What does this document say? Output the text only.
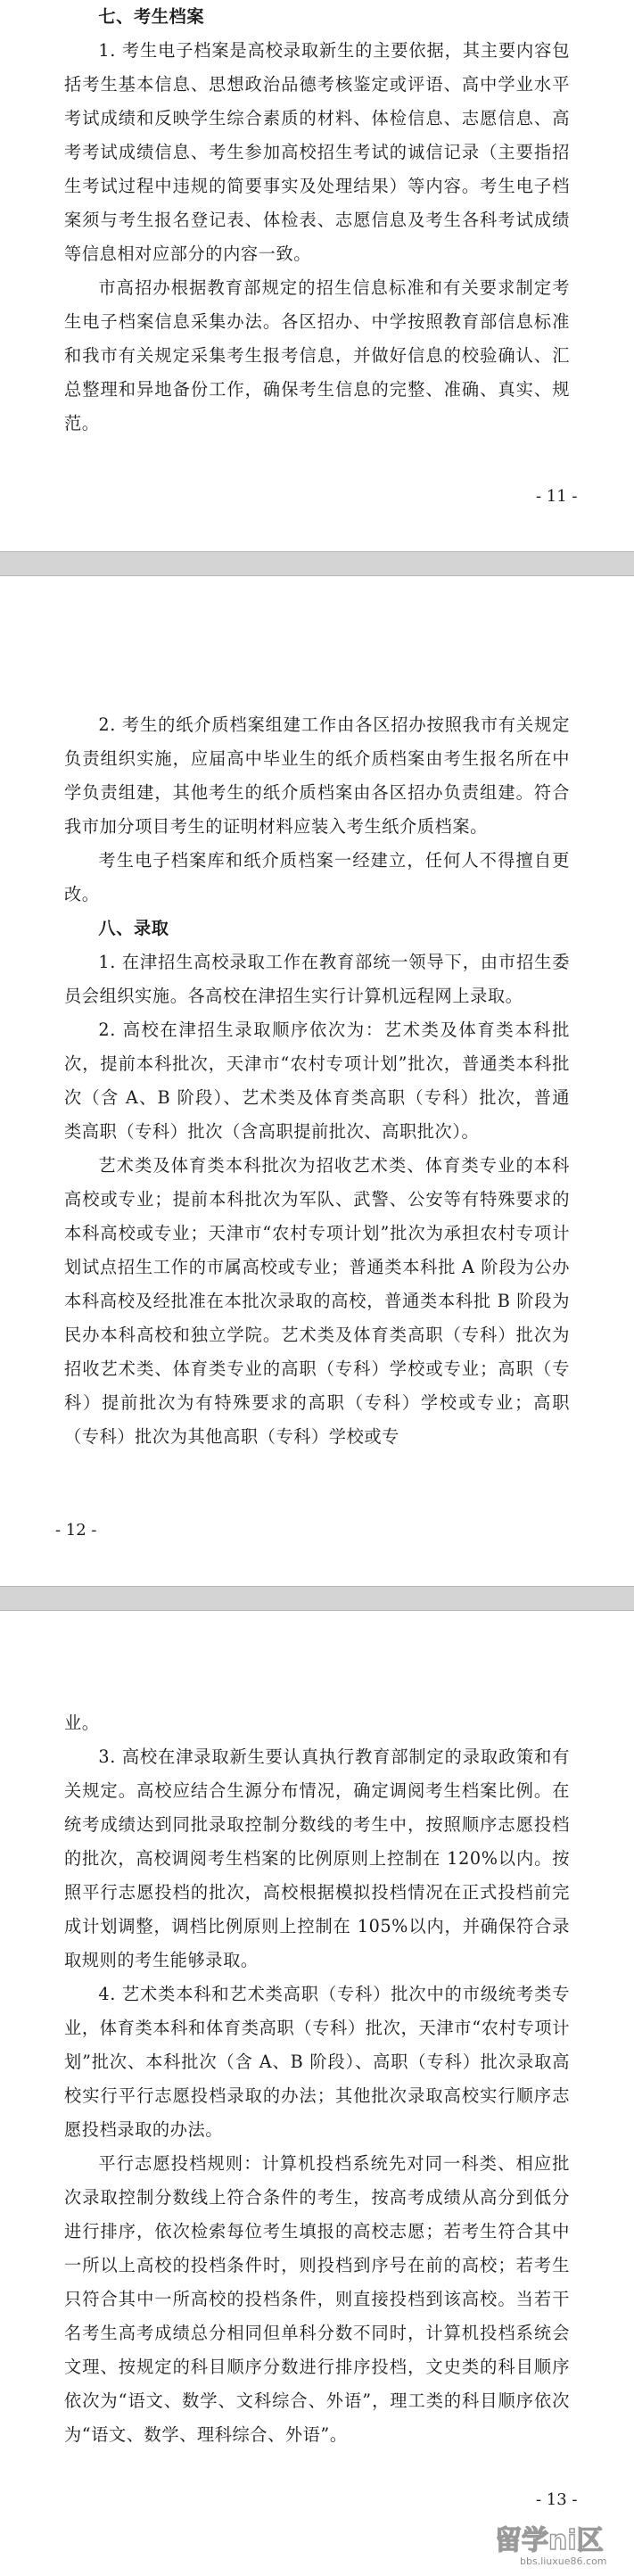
七、考生档案

1. 考生电子档案是高校录取新生的主要依据，其主要内容包括考生基本信息、思想政治品德考核鉴定或评语、高中学业水平考试成绩和反映学生综合素质的材料、体检信息、志愿信息、高考考试成绩信息、考生参加高校招生考试的诚信记录（主要指招生考试过程中违规的简要事实及处理结果）等内容。考生电子档案须与考生报名登记表、体检表、志愿信息及考生各科考试成绩等信息相对应部分的内容一致。

市高招办根据教育部规定的招生信息标准和有关要求制定考生电子档案信息采集办法。各区招办、中学按照教育部信息标准和我市有关规定采集考生报考信息，并做好信息的校验确认、汇总整理和异地备份工作，确保考生信息的完整、准确、真实、规范。

- 11 -

2. 考生的纸介质档案组建工作由各区招办按照我市有关规定负责组织实施，应届高中毕业生的纸介质档案由考生报名所在中学负责组建，其他考生的纸介质档案由各区招办负责组建。符合我市加分项目考生的证明材料应装入考生纸介质档案。

考生电子档案库和纸介质档案一经建立，任何人不得擅自更改。

八、录取

1. 在津招生高校录取工作在教育部统一领导下，由市招生委员会组织实施。各高校在津招生实行计算机远程网上录取。

2. 高校在津招生录取顺序依次为：艺术类及体育类本科批次，提前本科批次，天津市“农村专项计划”批次，普通类本科批次（含 A、B 阶段）、艺术类及体育类高职（专科）批次，普通类高职（专科）批次（含高职提前批次、高职批次）。

艺术类及体育类本科批次为招收艺术类、体育类专业的本科高校或专业；提前本科批次为军队、武警、公安等有特殊要求的本科高校或专业；天津市“农村专项计划”批次为承担农村专项计划试点招生工作的市属高校或专业；普通类本科批 A 阶段为公办本科高校及经批准在本批次录取的高校，普通类本科批 B 阶段为民办本科高校和独立学院。艺术类及体育类高职（专科）批次为招收艺术类、体育类专业的高职（专科）学校或专业；高职（专科）提前批次为有特殊要求的高职（专科）学校或专业；高职（专科）批次为其他高职（专科）学校或专

- 12 -

业。

3. 高校在津录取新生要认真执行教育部制定的录取政策和有关规定。高校应结合生源分布情况，确定调阅考生档案比例。在统考成绩达到同批录取控制分数线的考生中，按照顺序志愿投档的批次，高校调阅考生档案的比例原则上控制在 120%以内。按照平行志愿投档的批次，高校根据模拟投档情况在正式投档前完成计划调整，调档比例原则上控制在 105%以内，并确保符合录取规则的考生能够录取。

4. 艺术类本科和艺术类高职（专科）批次中的市级统考类专业，体育类本科和体育类高职（专科）批次，天津市“农村专项计划”批次、本科批次（含 A、B 阶段）、高职（专科）批次录取高校实行平行志愿投档录取的办法；其他批次录取高校实行顺序志愿投档录取的办法。

平行志愿投档规则：计算机投档系统先对同一科类、相应批次录取控制分数线上符合条件的考生，按高考成绩从高分到低分进行排序，依次检索每位考生填报的高校志愿；若考生符合其中一所以上高校的投档条件时，则投档到序号在前的高校；若考生只符合其中一所高校的投档条件，则直接投档到该高校。当若干名考生高考成绩总分相同但单科分数不同时，计算机投档系统会文理、按规定的科目顺序分数进行排序投档，文史类的科目顺序依次为“语文、数学、文科综合、外语”，理工类的科目顺序依次为“语文、数学、理科综合、外语”。

- 13 -
留学ni区
bbs.liuxue86.com
